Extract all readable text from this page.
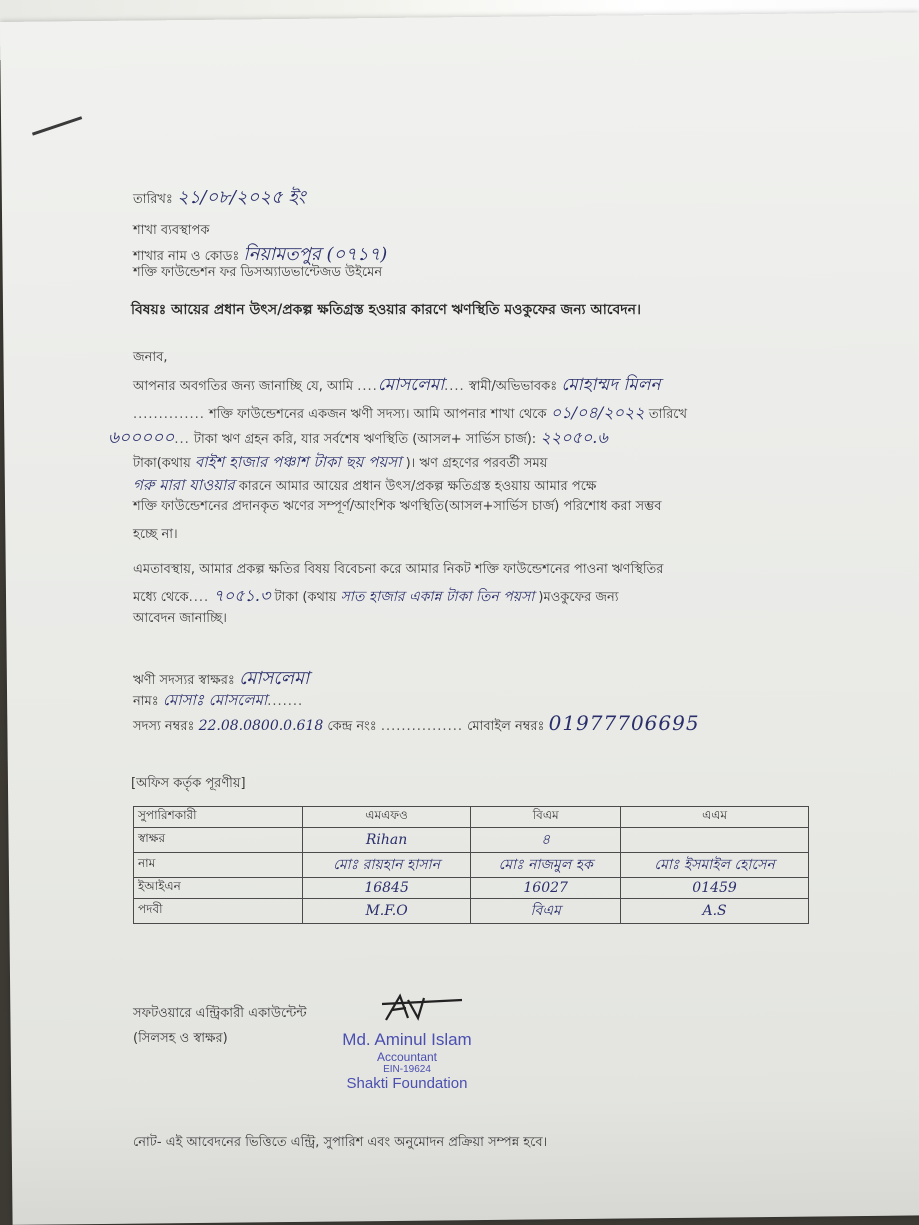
তারিখঃ ২১/০৮/২০২৫ ইং
শাখা ব্যবস্থাপক
শাখার নাম ও কোডঃ নিয়ামতপুর (০৭১৭)
শক্তি ফাউন্ডেশন ফর ডিসঅ্যাডভান্টেজড উইমেন
বিষয়ঃ আয়ের প্রধান উৎস/প্রকল্প ক্ষতিগ্রস্ত হওয়ার কারণে ঋণস্থিতি মওকুফের জন্য আবেদন।
জনাব,
আপনার অবগতির জন্য জানাচ্ছি যে, আমি ....মোসলেমা.... স্বামী/অভিভাবকঃ মোহাম্মদ মিলন
.............. শক্তি ফাউন্ডেশনের একজন ঋণী সদস্য। আমি আপনার শাখা থেকে ০১/০৪/২০২২ তারিখে
৬০০০০০... টাকা ঋণ গ্রহন করি, যার সর্বশেষ ঋণস্থিতি (আসল+ সার্ভিস চার্জ): ২২০৫০.৬
টাকা(কথায় বাইশ হাজার পঞ্চাশ টাকা ছয় পয়সা )। ঋণ গ্রহণের পরবর্তী সময়
গরু মারা যাওয়ার কারনে আমার আয়ের প্রধান উৎস/প্রকল্প ক্ষতিগ্রস্ত হওয়ায় আমার পক্ষে
শক্তি ফাউন্ডেশনের প্রদানকৃত ঋণের সম্পূর্ণ/আংশিক ঋণস্থিতি(আসল+সার্ভিস চার্জ) পরিশোধ করা সম্ভব
হচ্ছে না।
এমতাবস্থায়, আমার প্রকল্প ক্ষতির বিষয় বিবেচনা করে আমার নিকট শক্তি ফাউন্ডেশনের পাওনা ঋণস্থিতির
মধ্যে থেকে.... ৭০৫১.৩ টাকা (কথায় সাত হাজার একান্ন টাকা তিন পয়সা )মওকুফের জন্য
আবেদন জানাচ্ছি।
ঋণী সদস্যর স্বাক্ষরঃ মোসলেমা
নামঃ মোসাঃ মোসলেমা.......
সদস্য নম্বরঃ 22.08.0800.0.618 কেন্দ্র নংঃ ................ মোবাইল নম্বরঃ 01977706695
[অফিস কর্তৃক পূরণীয়]
সুপারিশকারী	এমএফও	বিএম	এএম
স্বাক্ষর	Rihan	৪	
নাম	মোঃ রায়হান হাসান	মোঃ নাজমুল হক	মোঃ ইসমাইল হোসেন
ইআইএন	16845	16027	01459
পদবী	M.F.O	বিএম	A.S
সফটওয়ারে এন্ট্রিকারী একাউন্টেন্ট
(সিলসহ ও স্বাক্ষর)	Md. Aminul Islam
Accountant
EIN-19624
Shakti Foundation
নোট- এই আবেদনের ভিত্তিতে এন্ট্রি, সুপারিশ এবং অনুমোদন প্রক্রিয়া সম্পন্ন হবে।
